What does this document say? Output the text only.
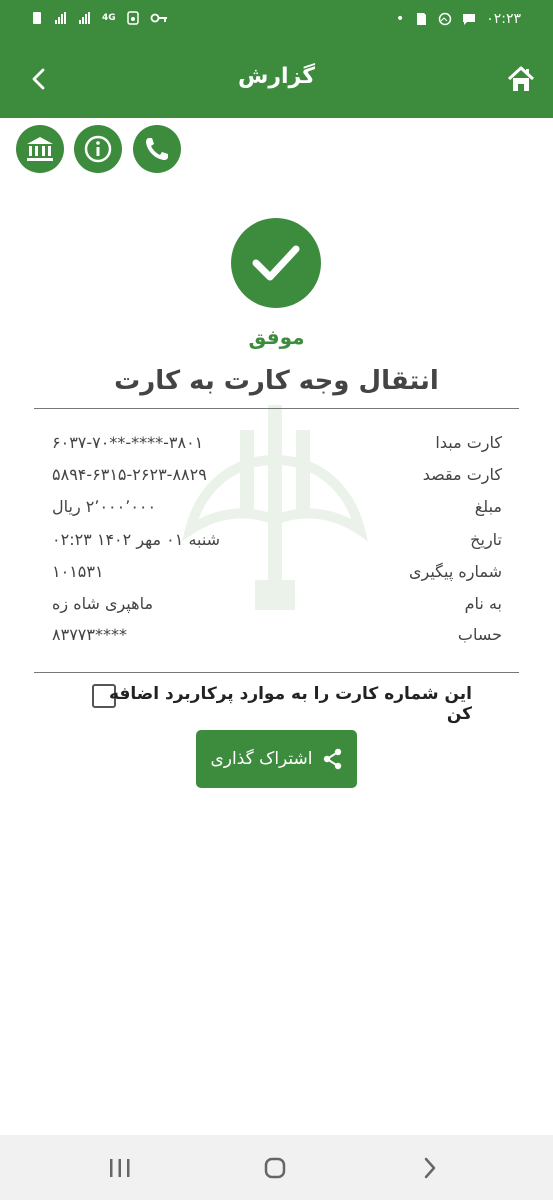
4G	•	۰۲:۲۳
گزارش
موفق
انتقال وجه کارت به کارت
کارت مبدا
۶۰۳۷-۷۰**-****-۳۸۰۱
کارت مقصد
۵۸۹۴-۶۳۱۵-۲۶۲۳-۸۸۲۹
مبلغ
۲٬۰۰۰٬۰۰۰ ریال
تاریخ
۰۲:۲۳ ۱۴۰۲ شنبه ۰۱ مهر
شماره پیگیری
۱۰۱۵۳۱
به نام
ماهپری شاه زه
حساب
۸۳۷۷۳****
این شماره کارت را به موارد پرکاربرد اضافه کن
اشتراک گذاری
